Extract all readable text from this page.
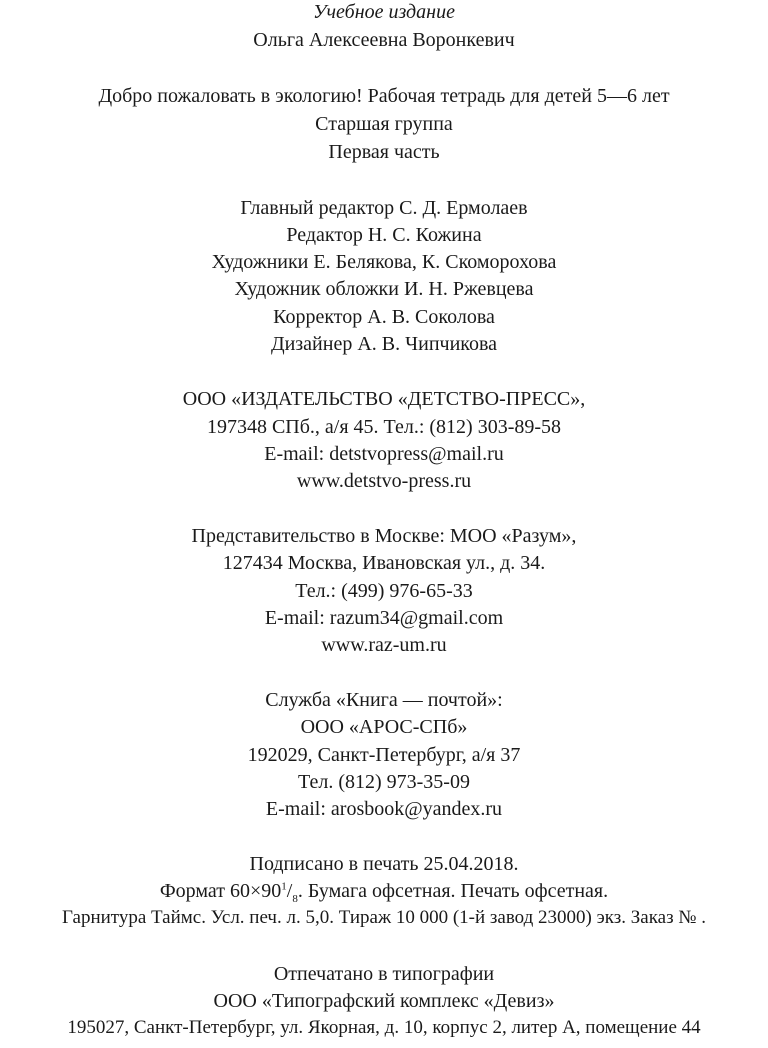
Учебное издание
Ольга Алексеевна Воронкевич
Добро пожаловать в экологию! Рабочая тетрадь для детей 5—6 лет
Старшая группа
Первая часть
Главный редактор С. Д. Ермолаев
Редактор Н. С. Кожина
Художники Е. Белякова, К. Скоморохова
Художник обложки И. Н. Ржевцева
Корректор А. В. Соколова
Дизайнер А. В. Чипчикова
ООО «ИЗДАТЕЛЬСТВО «ДЕТСТВО-ПРЕСС»,
197348 СПб., а/я 45. Тел.: (812) 303-89-58
E-mail: detstvopress@mail.ru
www.detstvo-press.ru
Представительство в Москве: МОО «Разум»,
127434 Москва, Ивановская ул., д. 34.
Тел.: (499) 976-65-33
E-mail: razum34@gmail.com
www.raz-um.ru
Служба «Книга — почтой»:
ООО «АРОС-СПб»
192029, Санкт-Петербург, а/я 37
Тел. (812) 973-35-09
E-mail: arosbook@yandex.ru
Подписано в печать 25.04.2018.
Формат $60\times 90^1/_8$. Бумага офсетная. Печать офсетная.
Гарнитура Таймс. Усл. печ. л. 5,0. Тираж 10 000 (1-й завод 23000) экз. Заказ № .
Отпечатано в типографии
ООО «Типографский комплекс «Девиз»
195027, Санкт-Петербург, ул. Якорная, д. 10, корпус 2, литер А, помещение 44
